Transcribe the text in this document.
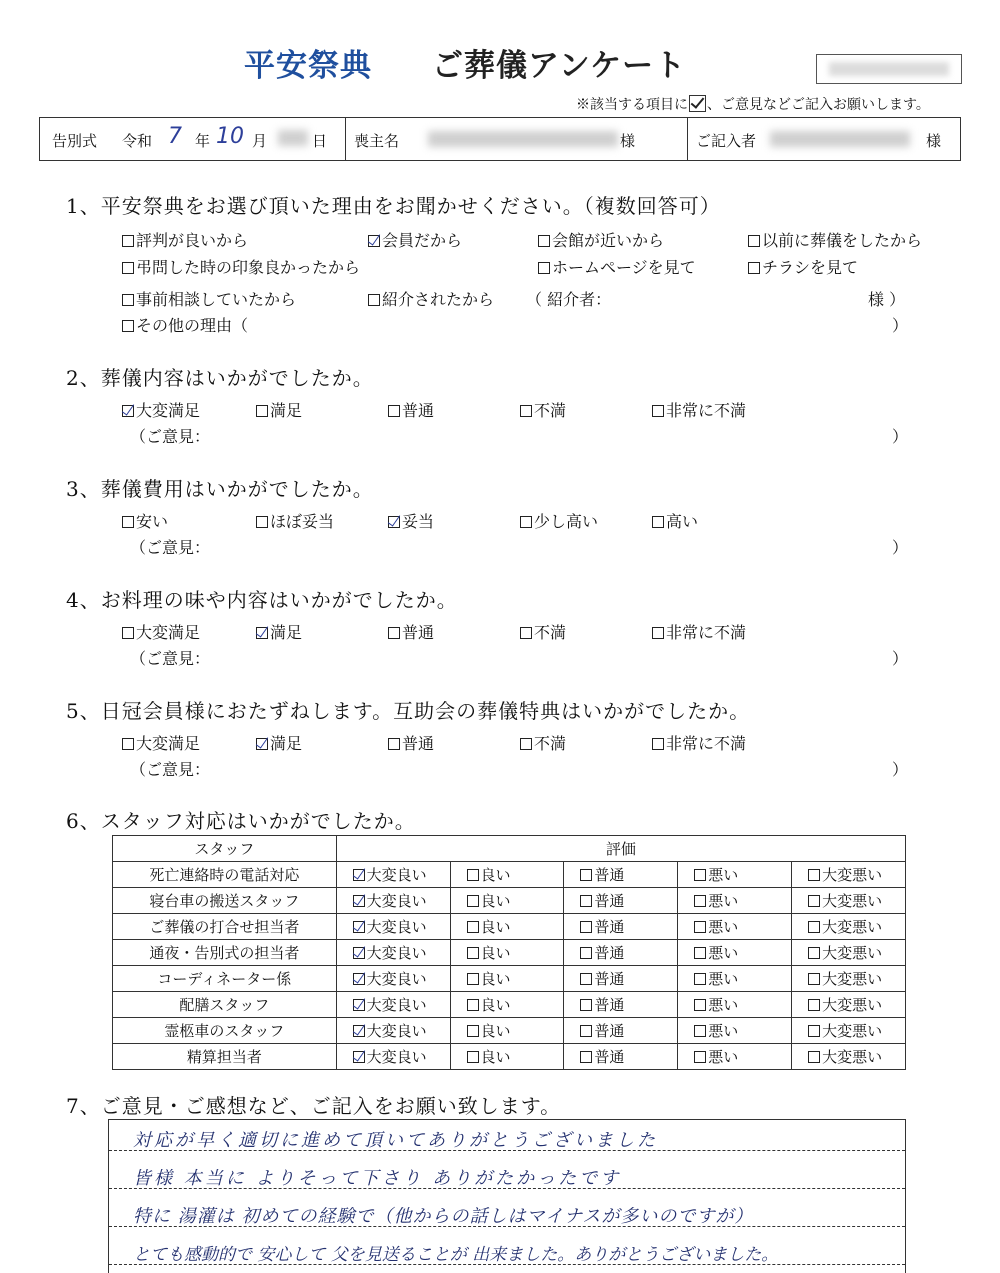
平安祭典 ご葬儀アンケート
※該当する項目に 、ご意見などご記入お願いします。
告別式 令和 7 年 10 月	日 喪主名	様	ご記入者	様
1、平安祭典をお選び頂いた理由をお聞かせください。（複数回答可）
評判が良いから	会員だから	会館が近いから	以前に葬儀をしたから
弔問した時の印象良かったから	ホームページを見て	チラシを見て
事前相談していたから	紹介されたから （ 紹介者：	様 ）
その他の理由（	）
2、葬儀内容はいかがでしたか。
大変満足	満足	普通	不満	非常に不満
（ご意見：	）
3、葬儀費用はいかがでしたか。
安い	ほぼ妥当	妥当	少し高い	高い
（ご意見：	）
4、お料理の味や内容はいかがでしたか。
大変満足	満足	普通	不満	非常に不満
（ご意見：	）
5、日冠会員様におたずねします。互助会の葬儀特典はいかがでしたか。
大変満足	満足	普通	不満	非常に不満
（ご意見：	）
6、スタッフ対応はいかがでしたか。
スタッフ	評価				
死亡連絡時の電話対応	大変良い	良い	普通	悪い	大変悪い
寝台車の搬送スタッフ	大変良い	良い	普通	悪い	大変悪い
ご葬儀の打合せ担当者	大変良い	良い	普通	悪い	大変悪い
通夜・告別式の担当者	大変良い	良い	普通	悪い	大変悪い
コーディネーター係	大変良い	良い	普通	悪い	大変悪い
配膳スタッフ	大変良い	良い	普通	悪い	大変悪い
霊柩車のスタッフ	大変良い	良い	普通	悪い	大変悪い
精算担当者	大変良い	良い	普通	悪い	大変悪い
7、ご意見・ご感想など、ご記入をお願い致します。
対応が早く適切に進めて頂いてありがとうございました
皆様 本当に よりそって下さり ありがたかったです
特に 湯灌は 初めての経験で（他からの話しはマイナスが多いのですが）
とても感動的で 安心して 父を見送ることが 出来ました。ありがとうございました。
